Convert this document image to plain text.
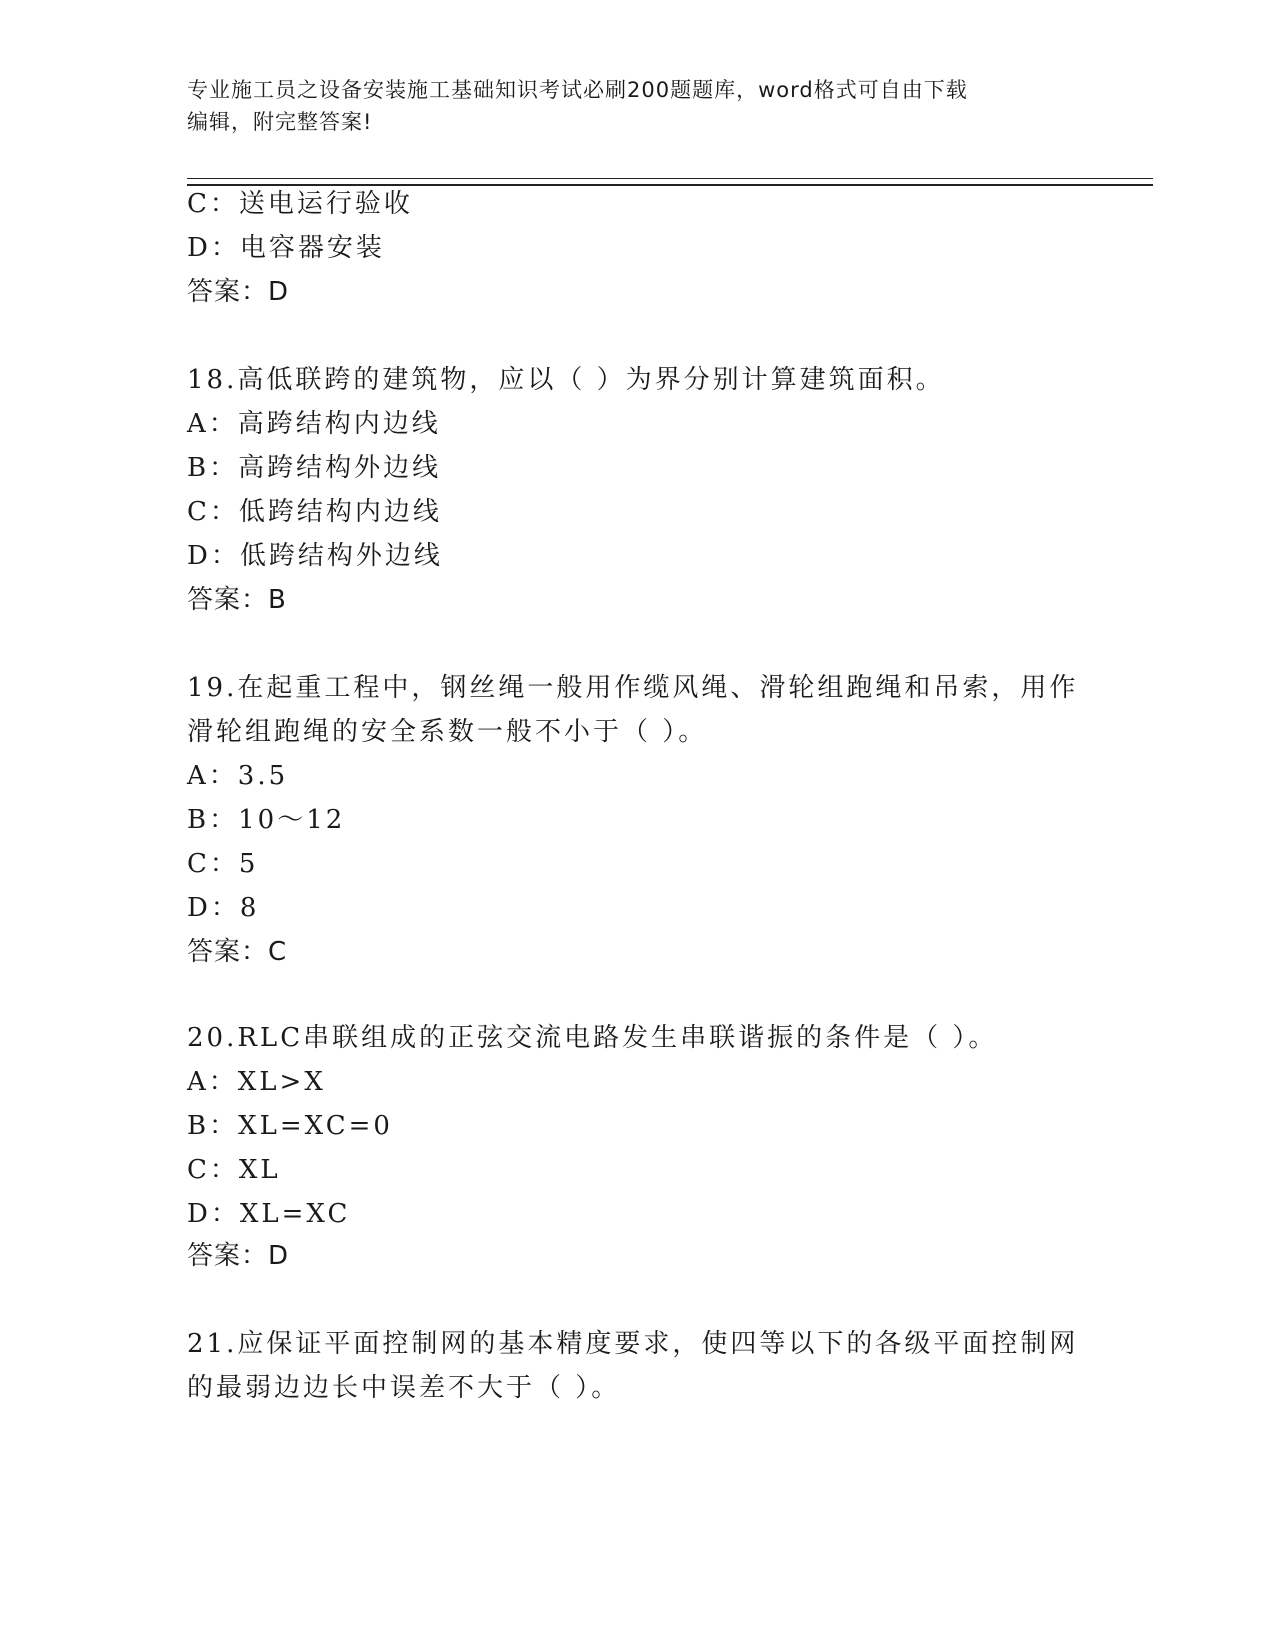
专业施工员之设备安装施工基础知识考试必刷200题题库，word格式可自由下载
编辑，附完整答案!
C：送电运行验收
D：电容器安装
答案：D
18.高低联跨的建筑物，应以（ ）为界分别计算建筑面积。
A：高跨结构内边线
B：高跨结构外边线
C：低跨结构内边线
D：低跨结构外边线
答案：B
19.在起重工程中，钢丝绳一般用作缆风绳、滑轮组跑绳和吊索，用作
滑轮组跑绳的安全系数一般不小于（ ）。
A：3.5
B：10～12
C：5
D：8
答案：C
20.RLC串联组成的正弦交流电路发生串联谐振的条件是（ ）。
A：XL>X
B：XL=XC=0
C：XL
D：XL=XC
答案：D
21.应保证平面控制网的基本精度要求，使四等以下的各级平面控制网
的最弱边边长中误差不大于（ ）。
